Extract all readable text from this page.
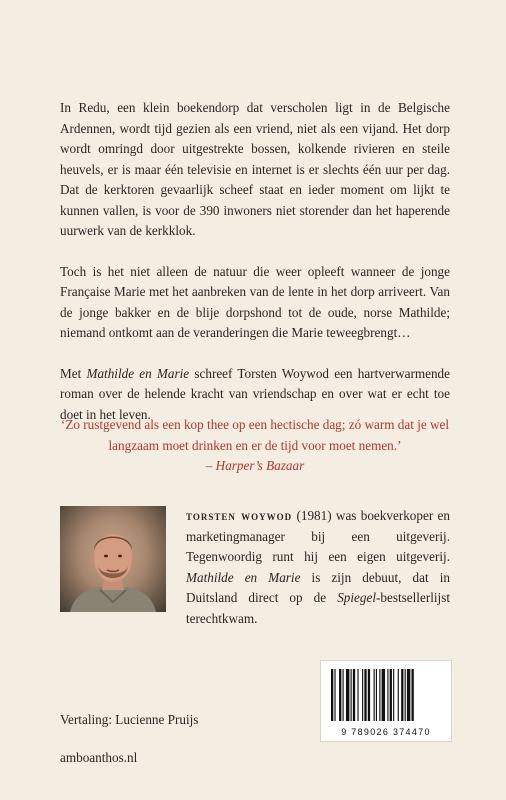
In Redu, een klein boekendorp dat verscholen ligt in de Belgische Ardennen, wordt tijd gezien als een vriend, niet als een vijand. Het dorp wordt omringd door uitgestrekte bossen, kolkende rivieren en steile heuvels, er is maar één televisie en internet is er slechts één uur per dag. Dat de kerktoren gevaarlijk scheef staat en ieder moment om lijkt te kunnen vallen, is voor de 390 inwoners niet storender dan het haperende uurwerk van de kerkklok.

Toch is het niet alleen de natuur die weer opleeft wanneer de jonge Française Marie met het aanbreken van de lente in het dorp arriveert. Van de jonge bakker en de blije dorpshond tot de oude, norse Mathilde; niemand ontkomt aan de veranderingen die Marie teweegbrengt…

Met Mathilde en Marie schreef Torsten Woywod een hartverwarmende roman over de helende kracht van vriendschap en over wat er echt toe doet in het leven.

‘Zo rustgevend als een kop thee op een hectische dag; zó warm dat je wel langzaam moet drinken en er de tijd voor moet nemen.’
– Harper’s Bazaar
torsten woywod (1981) was boekverkoper en marketingmanager bij een uitgeverij. Tegenwoordig runt hij een eigen uitgeverij. Mathilde en Marie is zijn debuut, dat in Duitsland direct op de Spiegel-bestsellerlijst terechtkwam.
Vertaling: Lucienne Pruijs
amboanthos.nl
9 789026 374470
